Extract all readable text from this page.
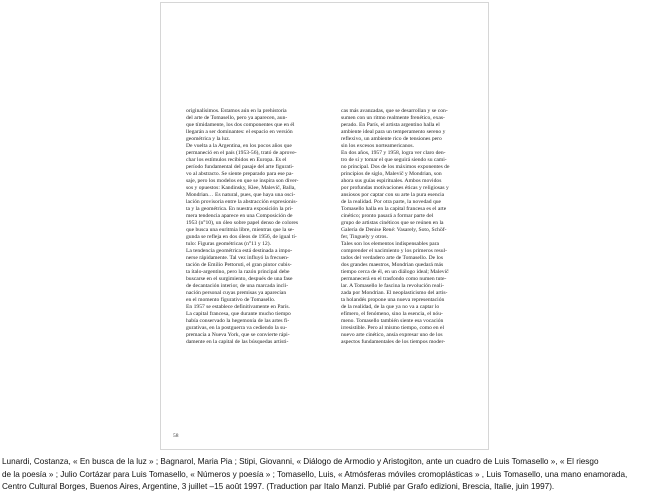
originalísimos. Estamos aún en la prehistoria
del arte de Tomasello, pero ya aparecen, aun-
que tímidamente, los dos componentes que en él
llegarán a ser dominantes: el espacio en versión
geométrica y la luz.
De vuelta a la Argentina, en los pocos años que
permaneció en el país (1953-56), trató de aprove-
char los estímulos recibidos en Europa. Es el
período fundamental del pasaje del arte figurati-
vo al abstracto. Se siente preparado para ese pa-
saje, pero los modelos en que se inspira son diver-
sos y opuestos: Kandinsky, Klee, Malevič, Balla,
Mondrian… Es natural, pues, que haya una osci-
lación provisoria entre la abstracción expresionis-
ta y la geométrica. En nuestra exposición la pri-
mera tendencia aparece en una Composición de
1953 (n°10), un óleo sobre papel denso de colores
que busca una euritmia libre, mientras que la se-
gunda se refleja en dos óleos de 1956, de igual tí-
tulo: Figuras geométricas (n°11 y 12).
La tendencia geométrica está destinada a impo-
nerse rápidamente. Tal vez influyó la frecuen-
tación de Emilio Pettoruti, el gran pintor cubis-
ta ítalo-argentino, pero la razón principal debe
buscarse en el surgimiento, después de una fase
de decantación interior, de una marcada incli-
nación personal cuyas premisas ya aparecían
en el momento figurativo de Tomasello.
En 1957 se establece definitivamente en París.
La capital francesa, que durante mucho tiempo
había conservado la hegemonía de las artes fi-
gurativas, en la postguerra va cediendo la su-
premacía a Nueva York, que se convierte rápi-
damente en la capital de las búsquedas artísti-
cas más avanzadas, que se desarrollan y se con-
sumen con un ritmo realmente frenético, exas-
perado. En París, el artista argentino halla el
ambiente ideal para un temperamento sereno y
reflexivo, un ambiente rico de tensiones pero
sin los excesos norteamericanos.
En dos años, 1957 y 1958, logra ver claro den-
tro de sí y tomar el que seguirá siendo su cami-
no principal. Dos de los máximos exponentes de
principios de siglo, Malevič y Mondrian, son
ahora sus guías espirituales. Ambos movidos
por profundas motivaciones éticas y religiosas y
ansiosos por captar con su arte la pura esencia
de la realidad. Por otra parte, la novedad que
Tomasello halla en la capital francesa es el arte
cinético; pronto pasará a formar parte del
grupo de artistas cinéticos que se reúnen en la
Galería de Denise René: Vasarely, Soto, Schöf-
fer, Tinguely y otros.
Tales son los elementos indispensables para
comprender el nacimiento y los primeros resul-
tados del verdadero arte de Tomasello. De los
dos grandes maestros, Mondrian quedará más
tiempo cerca de él, en un diálogo ideal; Malevič
permanecerá en el trasfondo como numen tute-
lar. A Tomasello le fascina la revolución reali-
zada por Mondrian. El neoplasticismo del artis-
ta holandés propone una nueva representación
de la realidad, de la que ya no va a captar lo
efímero, el fenómeno, sino la esencia, el nóu-
meno. Tomasello también siente esa vocación
irresistible. Pero al mismo tiempo, como en el
nuevo arte cinético, ansía expresar uno de los
aspectos fundamentales de los tiempos moder-
58
Lunardi, Costanza, « En busca de la luz » ; Bagnarol, Maria Pia ; Stipi, Giovanni, « Diálogo de Armodio y Aristogiton, ante un cuadro de Luis Tomasello », « El riesgo
de la poesía » ; Julio Cortázar para Luis Tomasello, « Números y poesía » ; Tomasello, Luis, « Atmósferas móviles cromoplásticas » , Luis Tomasello, una mano enamorada,
Centro Cultural Borges, Buenos Aires, Argentine, 3 juillet –15 août 1997. (Traduction par Italo Manzi. Publié par Grafo edizioni, Brescia, Italie, juin 1997).
